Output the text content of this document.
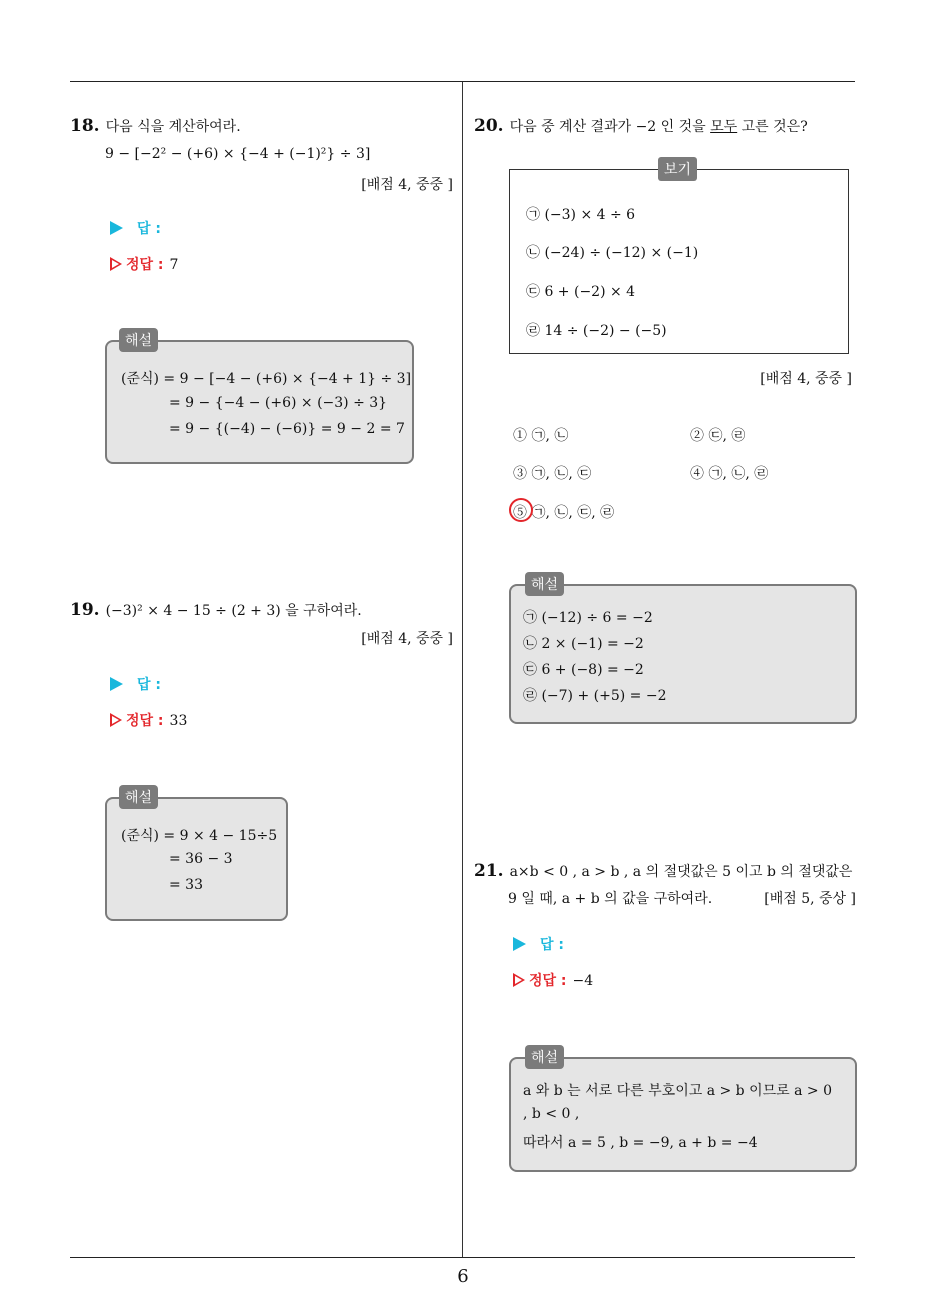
6
18. 다음 식을 계산하여라.
9 − [−2² − (+6) × {−4 + (−1)²} ÷ 3]
[배점 4, 중중 ]
답 :
정답 : 7
(준식) = 9 − [−4 − (+6) × {−4 + 1} ÷ 3]
= 9 − {−4 − (+6) × (−3) ÷ 3}
= 9 − {(−4) − (−6)} = 9 − 2 = 7
해설
19. (−3)² × 4 − 15 ÷ (2 + 3) 을 구하여라.
[배점 4, 중중 ]
답 :
정답 : 33
(준식) = 9 × 4 − 15÷5
= 36 − 3
= 33
해설
20. 다음 중 계산 결과가 −2 인 것을 모두 고른 것은?
㉠ (−3) × 4 ÷ 6
㉡ (−24) ÷ (−12) × (−1)
㉢ 6 + (−2) × 4
㉣ 14 ÷ (−2) − (−5)
보기
[배점 4, 중중 ]
① ㉠, ㉡	② ㉢, ㉣
③ ㉠, ㉡, ㉢	④ ㉠, ㉡, ㉣
⑤ ㉠, ㉡, ㉢, ㉣
㉠ (−12) ÷ 6 = −2
㉡ 2 × (−1) = −2
㉢ 6 + (−8) = −2
㉣ (−7) + (+5) = −2
해설
21. a×b < 0 , a > b , a 의 절댓값은 5 이고 b 의 절댓값은
9 일 때, a + b 의 값을 구하여라.	[배점 5, 중상 ]
답 :
정답 : −4
a 와 b 는 서로 다른 부호이고 a > b 이므로 a > 0
, b < 0 ,
따라서 a = 5 , b = −9, a + b = −4
해설
